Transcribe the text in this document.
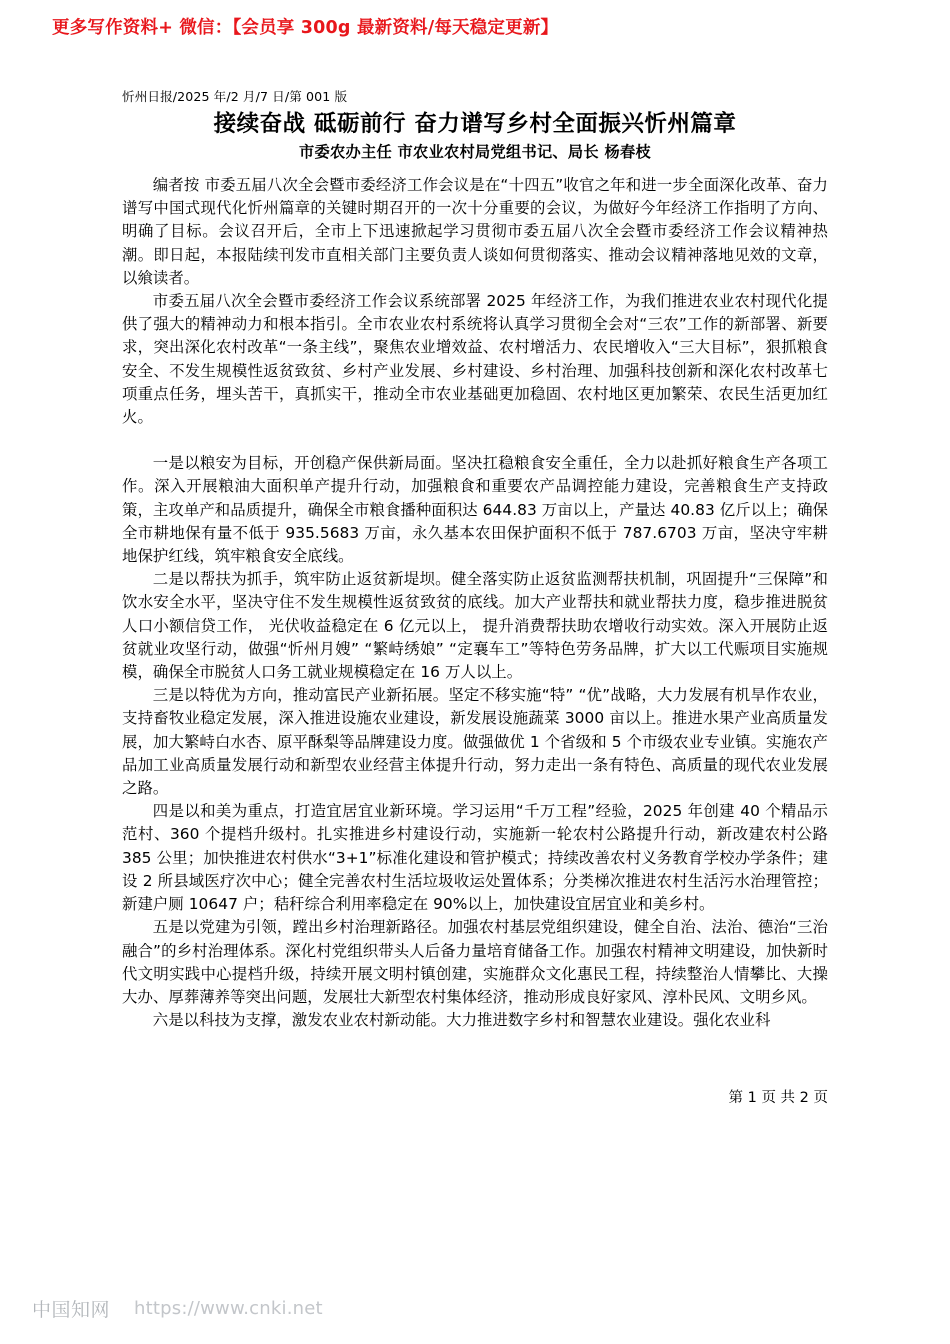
更多写作资料+ 微信：【会员享 300g 最新资料/每天稳定更新】
忻州日报/2025 年/2 月/7 日/第 001 版
接续奋战 砥砺前行 奋力谱写乡村全面振兴忻州篇章
市委农办主任 市农业农村局党组书记、局长 杨春枝

编者按 市委五届八次全会暨市委经济工作会议是在“十四五”收官之年和进一步全面深化改革、奋力谱写中国式现代化忻州篇章的关键时期召开的一次十分重要的会议，为做好今年经济工作指明了方向、明确了目标。会议召开后，全市上下迅速掀起学习贯彻市委五届八次全会暨市委经济工作会议精神热潮。即日起，本报陆续刊发市直相关部门主要负责人谈如何贯彻落实、推动会议精神落地见效的文章，以飨读者。

市委五届八次全会暨市委经济工作会议系统部署 2025 年经济工作，为我们推进农业农村现代化提供了强大的精神动力和根本指引。全市农业农村系统将认真学习贯彻全会对“三农”工作的新部署、新要求，突出深化农村改革“一条主线”，聚焦农业增效益、农村增活力、农民增收入“三大目标”，狠抓粮食安全、不发生规模性返贫致贫、乡村产业发展、乡村建设、乡村治理、加强科技创新和深化农村改革七项重点任务，埋头苦干，真抓实干，推动全市农业基础更加稳固、农村地区更加繁荣、农民生活更加红火。

一是以粮安为目标，开创稳产保供新局面。坚决扛稳粮食安全重任，全力以赴抓好粮食生产各项工作。深入开展粮油大面积单产提升行动，加强粮食和重要农产品调控能力建设，完善粮食生产支持政策，主攻单产和品质提升，确保全市粮食播种面积达 644.83 万亩以上，产量达 40.83 亿斤以上；确保全市耕地保有量不低于 935.5683 万亩，永久基本农田保护面积不低于 787.6703 万亩，坚决守牢耕地保护红线，筑牢粮食安全底线。

二是以帮扶为抓手，筑牢防止返贫新堤坝。健全落实防止返贫监测帮扶机制，巩固提升“三保障”和饮水安全水平，坚决守住不发生规模性返贫致贫的底线。加大产业帮扶和就业帮扶力度，稳步推进脱贫人口小额信贷工作， 光伏收益稳定在 6 亿元以上， 提升消费帮扶助农增收行动实效。深入开展防止返贫就业攻坚行动，做强“忻州月嫂” “繁峙绣娘” “定襄车工”等特色劳务品牌，扩大以工代赈项目实施规模，确保全市脱贫人口务工就业规模稳定在 16 万人以上。

三是以特优为方向，推动富民产业新拓展。坚定不移实施“特” “优”战略，大力发展有机旱作农业，支持畜牧业稳定发展，深入推进设施农业建设，新发展设施蔬菜 3000 亩以上。推进水果产业高质量发展，加大繁峙白水杏、原平酥梨等品牌建设力度。做强做优 1 个省级和 5 个市级农业专业镇。实施农产品加工业高质量发展行动和新型农业经营主体提升行动，努力走出一条有特色、高质量的现代农业发展之路。

四是以和美为重点，打造宜居宜业新环境。学习运用“千万工程”经验，2025 年创建 40 个精品示范村、360 个提档升级村。扎实推进乡村建设行动，实施新一轮农村公路提升行动，新改建农村公路 385 公里；加快推进农村供水“3+1”标准化建设和管护模式；持续改善农村义务教育学校办学条件；建设 2 所县域医疗次中心；健全完善农村生活垃圾收运处置体系；分类梯次推进农村生活污水治理管控；新建户厕 10647 户；秸秆综合利用率稳定在 90%以上，加快建设宜居宜业和美乡村。

五是以党建为引领，蹚出乡村治理新路径。加强农村基层党组织建设，健全自治、法治、德治“三治融合”的乡村治理体系。深化村党组织带头人后备力量培育储备工作。加强农村精神文明建设，加快新时代文明实践中心提档升级，持续开展文明村镇创建，实施群众文化惠民工程，持续整治人情攀比、大操大办、厚葬薄养等突出问题，发展壮大新型农村集体经济，推动形成良好家风、淳朴民风、文明乡风。

六是以科技为支撑，激发农业农村新动能。大力推进数字乡村和智慧农业建设。强化农业科

第 1 页 共 2 页
中国知网 https://www.cnki.net
